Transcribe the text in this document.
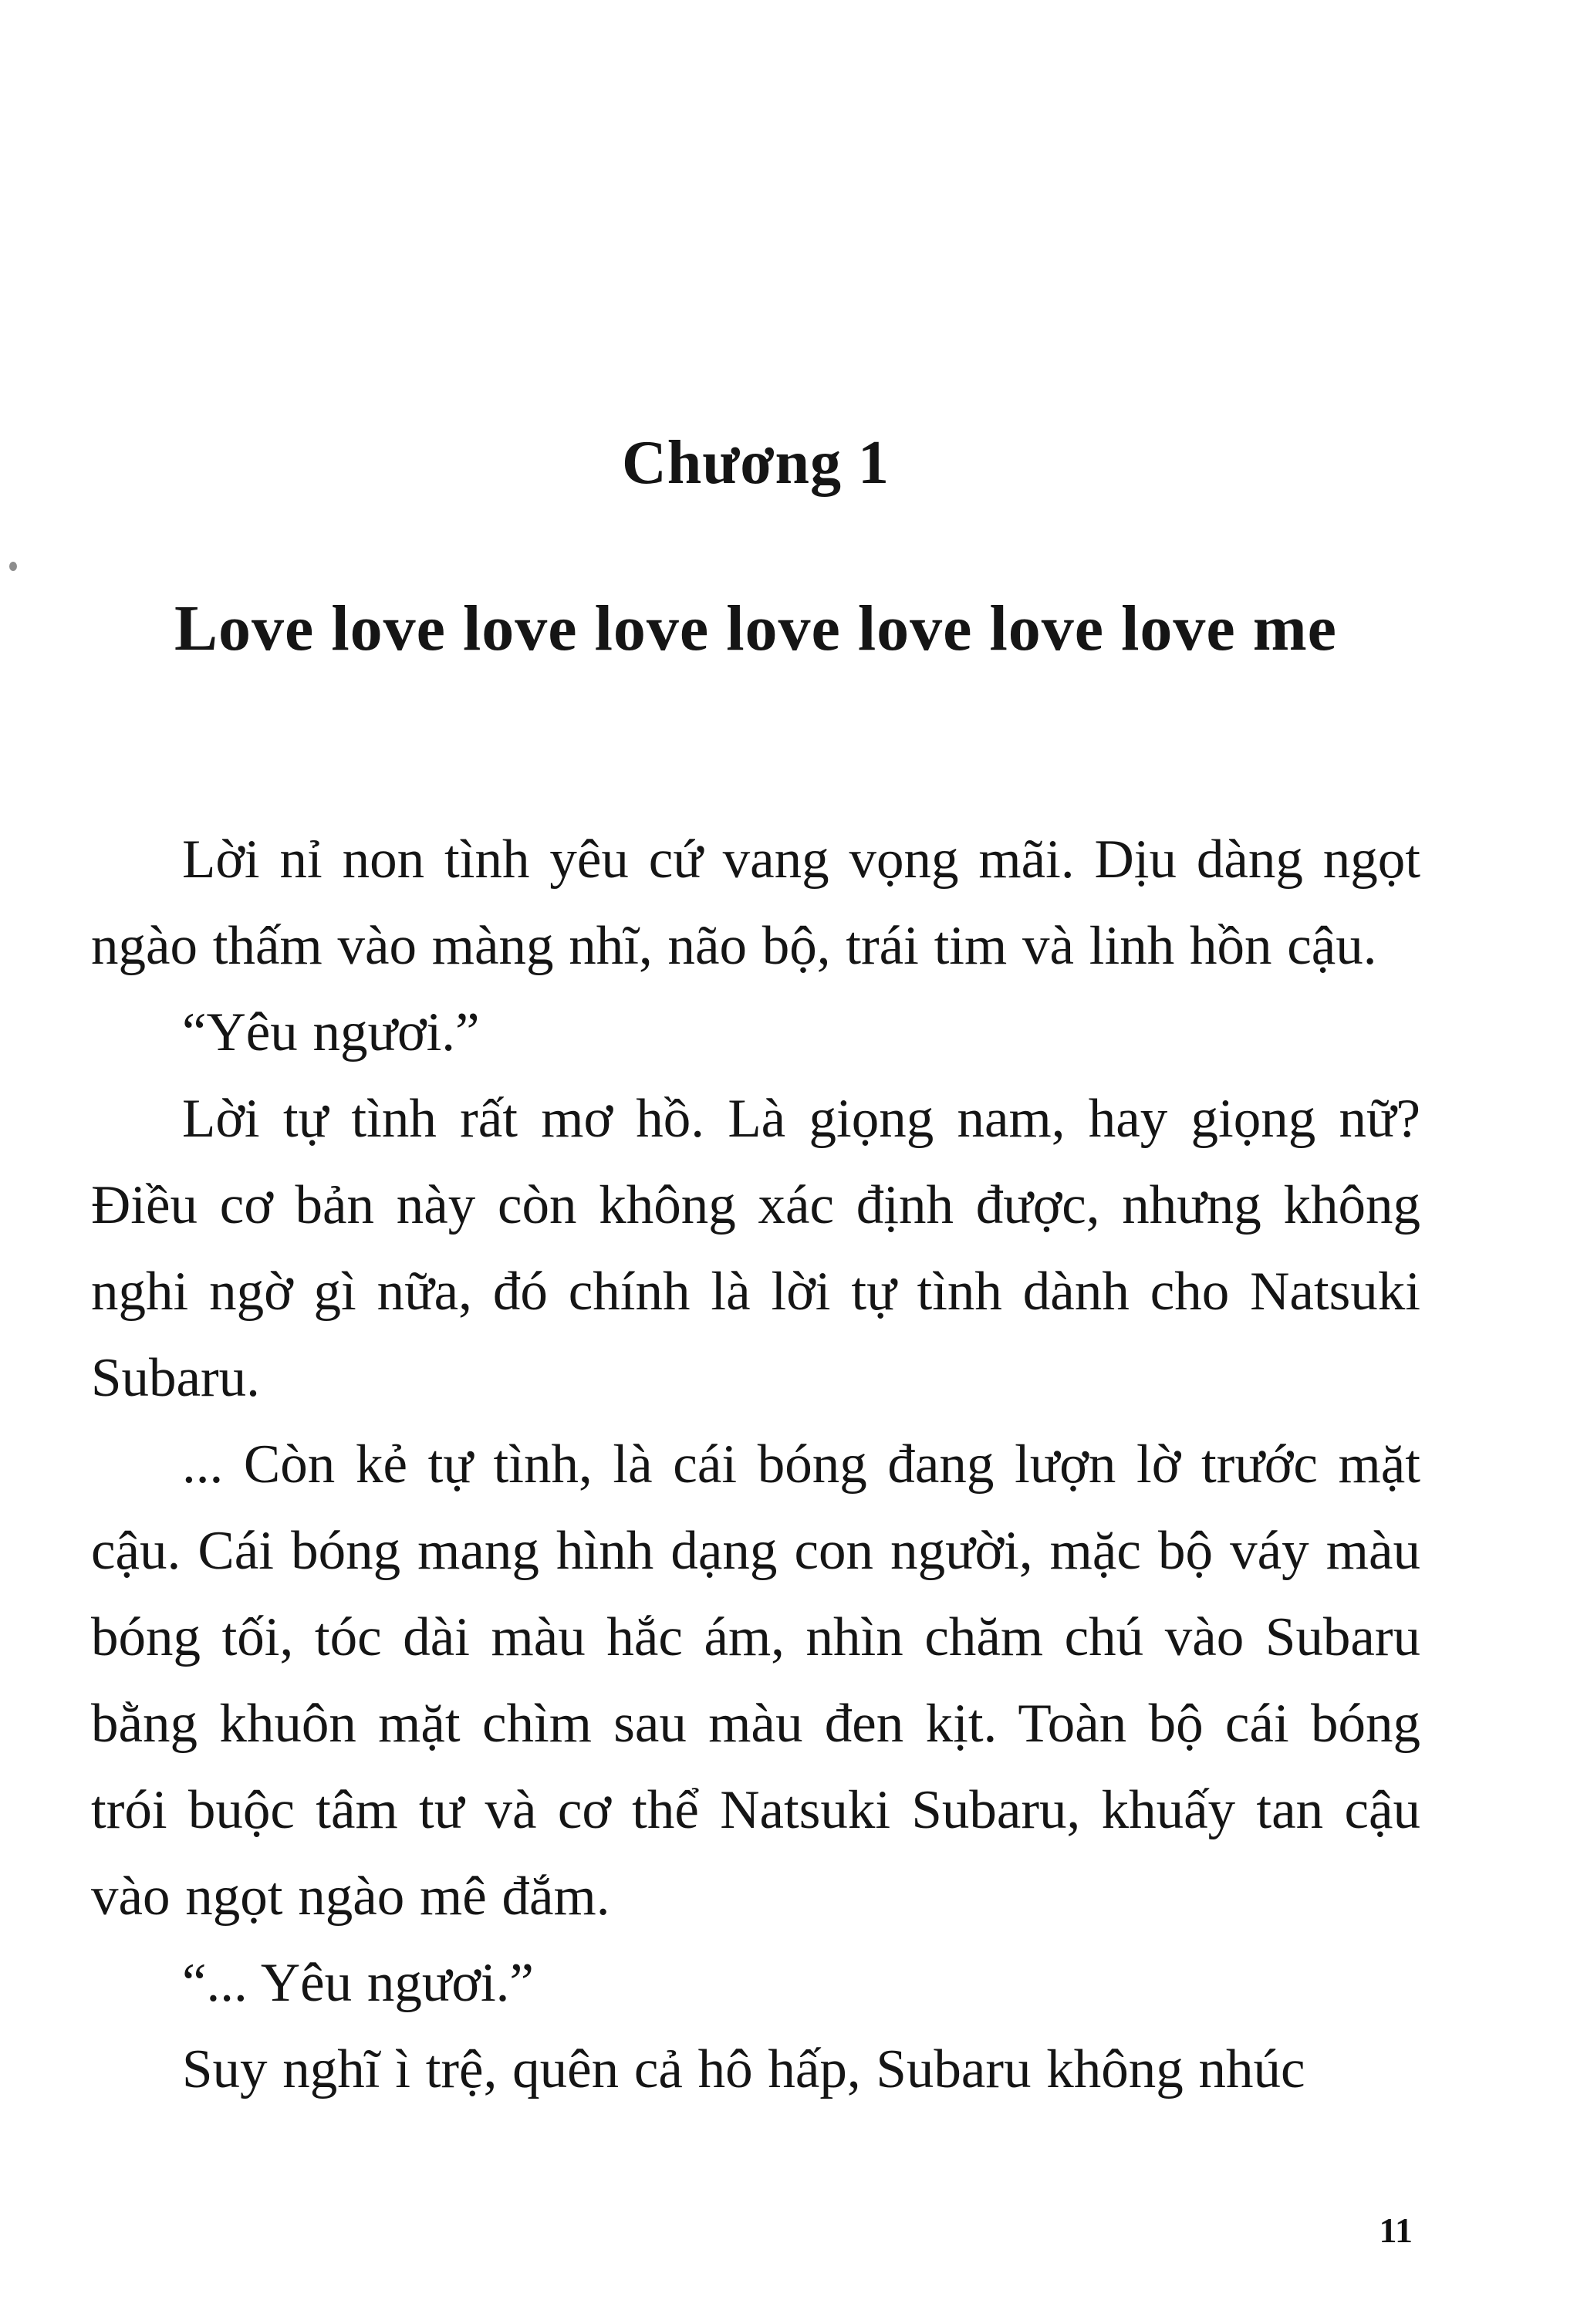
Chương 1
Love love love love love love love love me

Lời nỉ non tình yêu cứ vang vọng mãi. Dịu dàng ngọt ngào thấm vào màng nhĩ, não bộ, trái tim và linh hồn cậu.

“Yêu ngươi.”

Lời tự tình rất mơ hồ. Là giọng nam, hay giọng nữ? Điều cơ bản này còn không xác định được, nhưng không nghi ngờ gì nữa, đó chính là lời tự tình dành cho Natsuki Subaru.

... Còn kẻ tự tình, là cái bóng đang lượn lờ trước mặt cậu. Cái bóng mang hình dạng con người, mặc bộ váy màu bóng tối, tóc dài màu hắc ám, nhìn chăm chú vào Subaru bằng khuôn mặt chìm sau màu đen kịt. Toàn bộ cái bóng trói buộc tâm tư và cơ thể Natsuki Subaru, khuấy tan cậu vào ngọt ngào mê đắm.

“... Yêu ngươi.”

Suy nghĩ ì trệ, quên cả hô hấp, Subaru không nhúc

11
